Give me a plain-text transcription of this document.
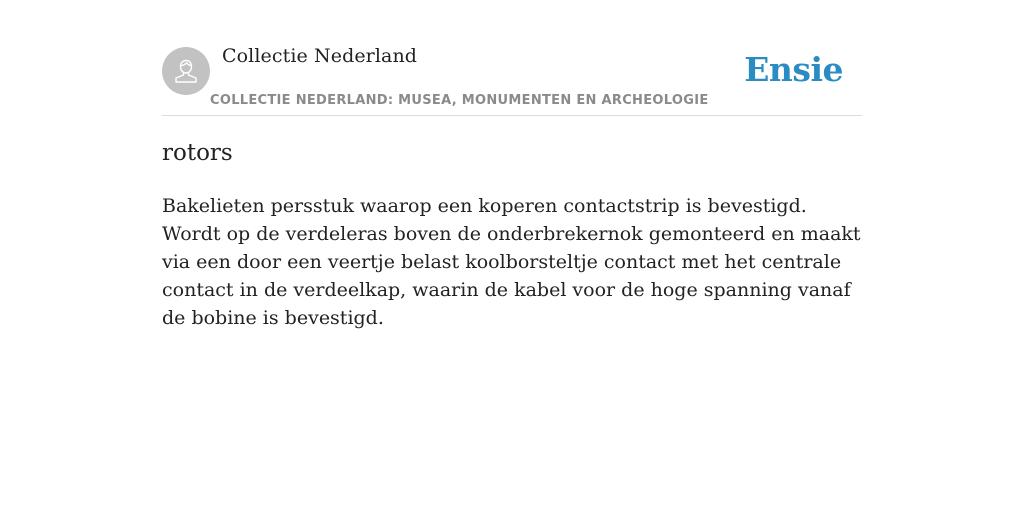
Collectie Nederland
COLLECTIE NEDERLAND: MUSEA, MONUMENTEN EN ARCHEOLOGIE
Ensie
rotors

Bakelieten persstuk waarop een koperen contactstrip is bevestigd. Wordt op de verdeleras boven de onderbrekernok gemonteerd en maakt via een door een veertje belast koolborsteltje contact met het centrale contact in de verdeelkap, waarin de kabel voor de hoge spanning vanaf de bobine is bevestigd.
